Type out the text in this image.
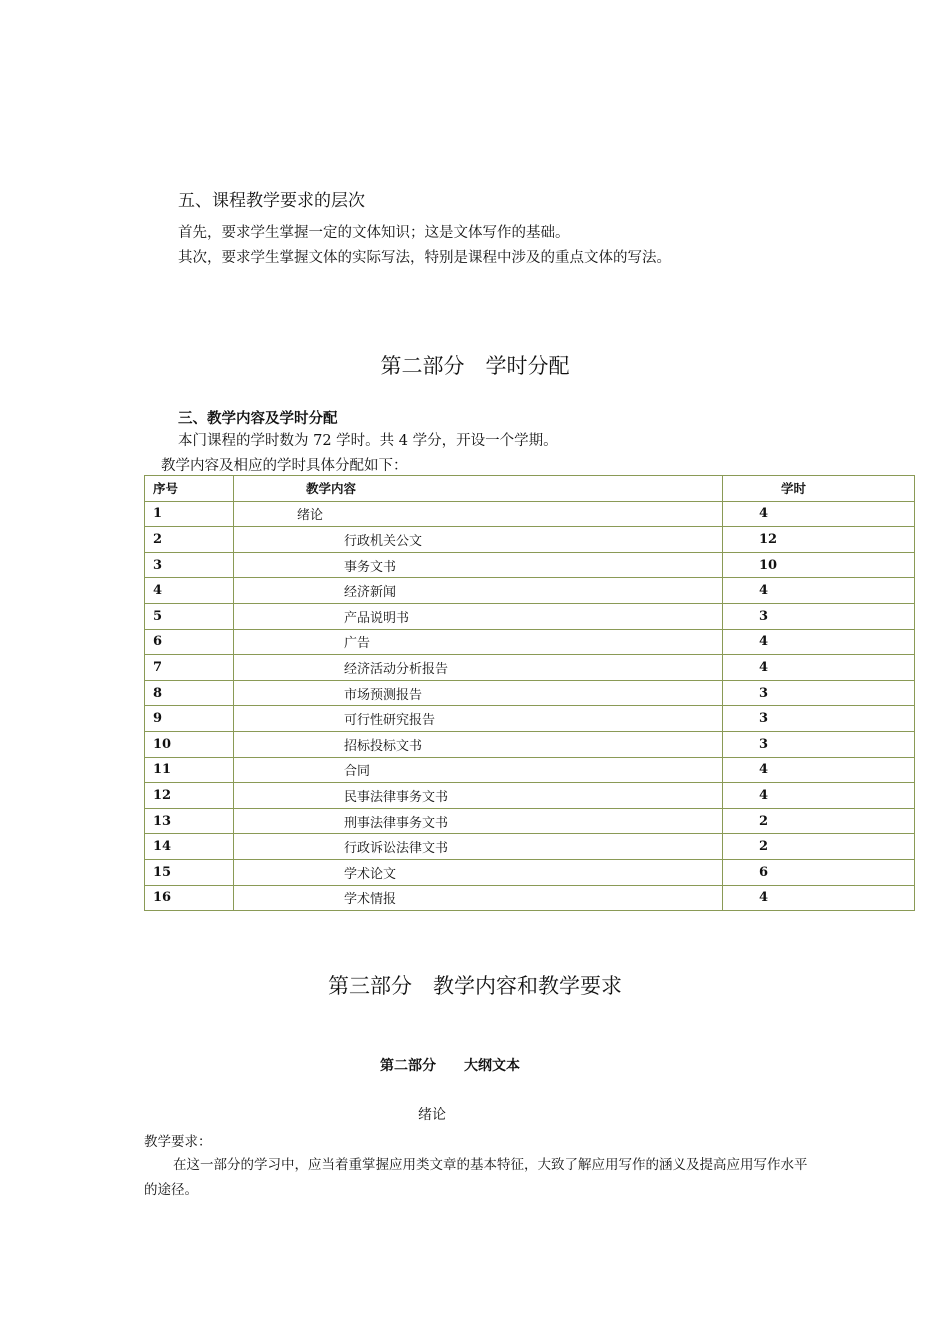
五、课程教学要求的层次
首先，要求学生掌握一定的文体知识；这是文体写作的基础。
其次，要求学生掌握文体的实际写法，特别是课程中涉及的重点文体的写法。
第二部分　学时分配
三、教学内容及学时分配
本门课程的学时数为 72 学时。共 4 学分，开设一个学期。
教学内容及相应的学时具体分配如下：
序号	教学内容	学时
1	绪论	4
2	行政机关公文	12
3	事务文书	10
4	经济新闻	4
5	产品说明书	3
6	广告	4
7	经济活动分析报告	4
8	市场预测报告	3
9	可行性研究报告	3
10	招标投标文书	3
11	合同	4
12	民事法律事务文书	4
13	刑事法律事务文书	2
14	行政诉讼法律文书	2
15	学术论文	6
16	学术情报	4
第三部分　教学内容和教学要求
第二部分　　大纲文本
绪论
教学要求：
在这一部分的学习中，应当着重掌握应用类文章的基本特征，大致了解应用写作的涵义及提高应用写作水平的途径。
